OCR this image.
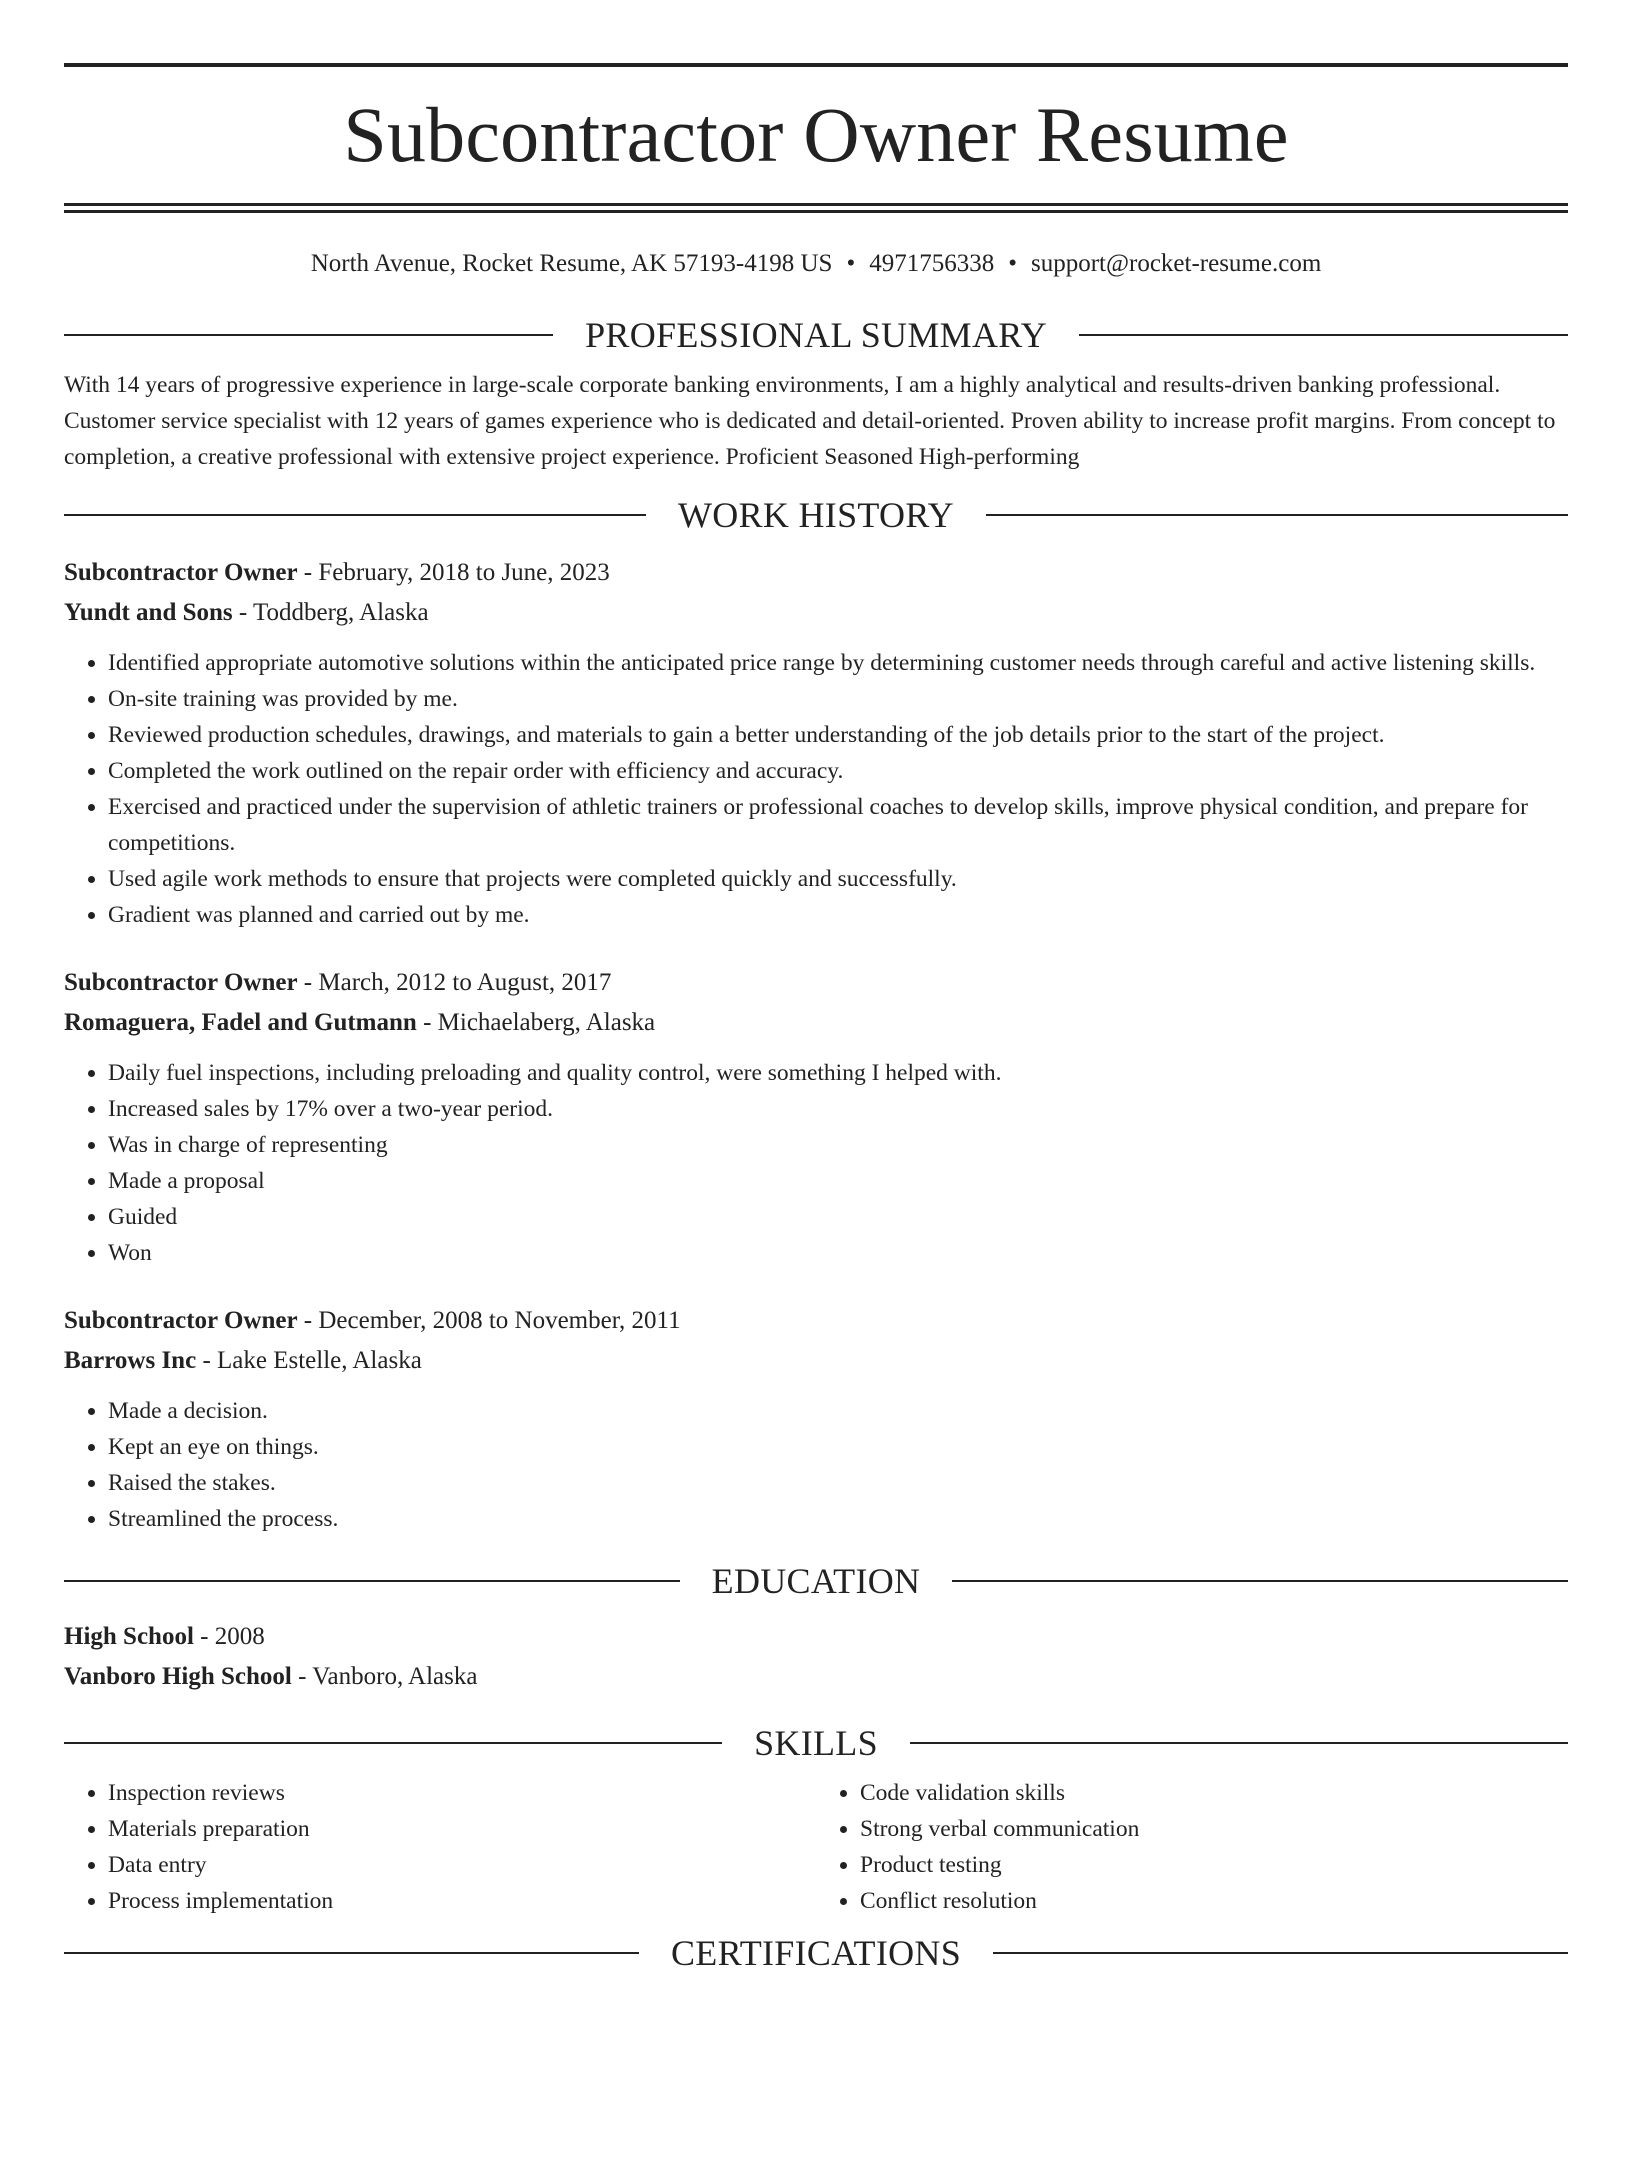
Subcontractor Owner Resume
North Avenue, Rocket Resume, AK 57193-4198 US • 4971756338 • support@rocket-resume.com
PROFESSIONAL SUMMARY

With 14 years of progressive experience in large-scale corporate banking environments, I am a highly analytical and results-driven banking professional. Customer service specialist with 12 years of games experience who is dedicated and detail-oriented. Proven ability to increase profit margins. From concept to completion, a creative professional with extensive project experience. Proficient Seasoned High-performing

WORK HISTORY

Subcontractor Owner - February, 2018 to June, 2023

Yundt and Sons - Toddberg, Alaska

• Identified appropriate automotive solutions within the anticipated price range by determining customer needs through careful and active listening skills.
• On-site training was provided by me.
• Reviewed production schedules, drawings, and materials to gain a better understanding of the job details prior to the start of the project.
• Completed the work outlined on the repair order with efficiency and accuracy.
• Exercised and practiced under the supervision of athletic trainers or professional coaches to develop skills, improve physical condition, and prepare for competitions.
• Used agile work methods to ensure that projects were completed quickly and successfully.
• Gradient was planned and carried out by me.

Subcontractor Owner - March, 2012 to August, 2017

Romaguera, Fadel and Gutmann - Michaelaberg, Alaska

• Daily fuel inspections, including preloading and quality control, were something I helped with.
• Increased sales by 17% over a two-year period.
• Was in charge of representing
• Made a proposal
• Guided
• Won

Subcontractor Owner - December, 2008 to November, 2011

Barrows Inc - Lake Estelle, Alaska

• Made a decision.
• Kept an eye on things.
• Raised the stakes.
• Streamlined the process.
EDUCATION

High School - 2008

Vanboro High School - Vanboro, Alaska

SKILLS
• Inspection reviews
• Materials preparation
• Data entry
• Process implementation
• Code validation skills
• Strong verbal communication
• Product testing
• Conflict resolution
CERTIFICATIONS
